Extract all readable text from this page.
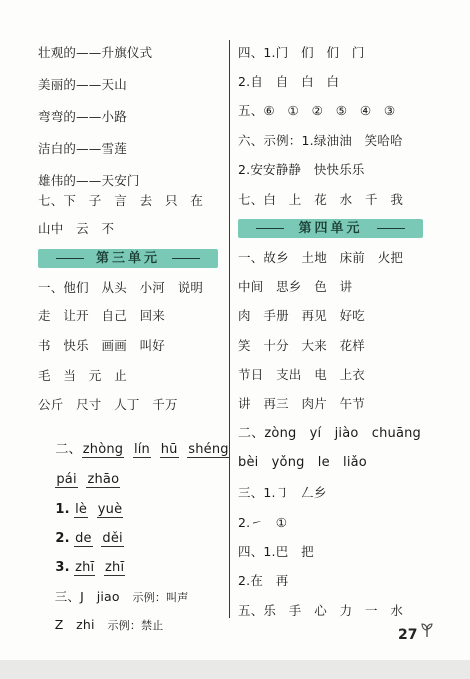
壮观的——升旗仪式
美丽的——天山
弯弯的——小路
洁白的——雪莲
雄伟的——天安门
七、下　子　言　去　只　在
山中　云　不
第三单元
一、他们　从头　小河　说明
走　让开　自己　回来
书　快乐　画画　叫好
毛　当　元　止
公斤　尺寸　人丁　千万

二、zhòng lín hū shéng

pái zhāo

1. lè yuè

2. de děi

3. zhī zhī

三、J　jiao　 示例：叫声

Z　zhi　 示例：禁止

四、1.门　们　们　门
2.自　自　白　白
五、⑥　①　②　⑤　④　③
六、示例：1.绿油油　笑哈哈
2.安安静静　快快乐乐
七、白　上　花　水　千　我
第四单元
一、故乡　土地　床前　火把
中间　思乡　色　讲
肉　手册　再见　好吃
笑　十分　大来　花样
节日　支出　电　上衣
讲　再三　肉片　午节
二、zòng　yí　jiào　chuāng
bèi　yǒng　le　liǎo
三、1.㇆　𠃋乡
2.㇀　①
四、1.巴　把
2.在　再
五、乐　手　心　力　一　水
27
